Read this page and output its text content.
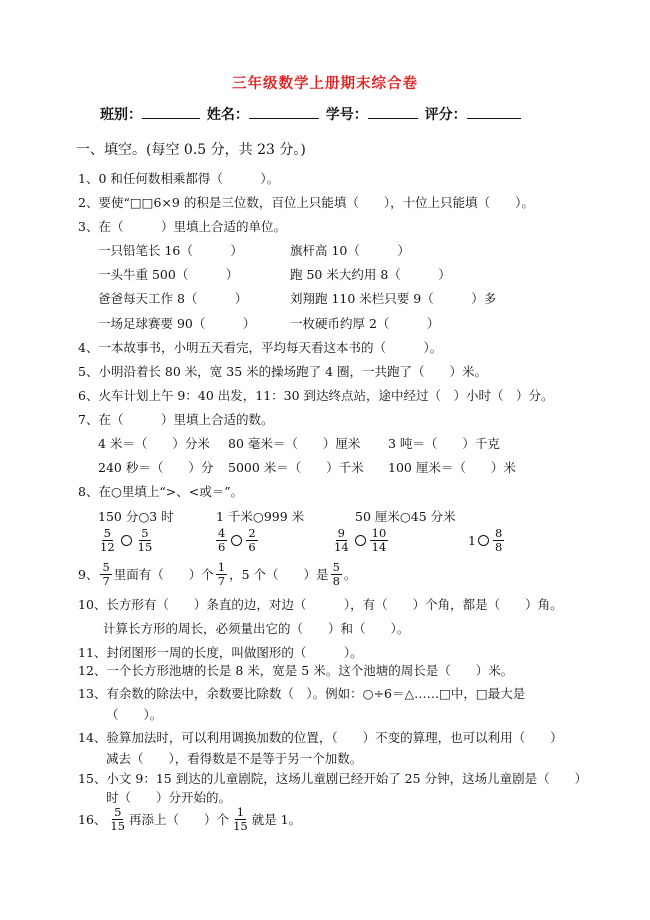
三年级数学上册期末综合卷
班别：	姓名：	学号：	评分：
一、填空。(每空 0.5 分，共 23 分。)
1、0 和任何数相乘都得（　　　）。
2、要使“□□6×9 的积是三位数，百位上只能填（　　），十位上只能填（　　）。
3、在（　　　）里填上合适的单位。
一只铅笔长 16（　　　）	旗杆高 10（　　　）
一头牛重 500（　　　）	跑 50 米大约用 8（　　　）
爸爸每天工作 8（　　　）	刘翔跑 110 米栏只要 9（　　　）多
一场足球赛要 90（　　　）	一枚硬币约厚 2（　　　）
4、一本故事书，小明五天看完，平均每天看这本书的（　　　）。
5、小明沿着长 80 米，宽 35 米的操场跑了 4 圈，一共跑了（　　）米。
6、火车计划上午 9：40 出发，11：30 到达终点站，途中经过（　）小时（　）分。
7、在（　　　）里填上合适的数。
4 米＝（　　）分米 80 毫米＝（　　）厘米 3 吨＝（　　）千克
240 秒＝（　　）分 5000 米＝（　　）千米 100 厘米＝（　　）米
8、在○里填上“>、<或＝”。
150 分○3 时	1 千米○999 米	50 厘米○45 分米
$\frac{5}{12} \frac{5}{15}$	$\frac{4}{6} \frac{2}{6}$	$\frac{9}{14} \frac{10}{14}$	$1 \frac{8}{8}$
9、 $\frac{5}{7}$ 里面有（　　）个 $\frac{1}{7}$ ，5 个（　　）是 $\frac{5}{8}$ 。
10、长方形有（　　）条直的边，对边（　　　），有（　　）个角，都是（　　）角。
计算长方形的周长，必须量出它的（　　）和（　　）。
11、封闭图形一周的长度，叫做图形的（　　　）。
12、一个长方形池塘的长是 8 米，宽是 5 米。这个池塘的周长是（　　）米。
13、有余数的除法中，余数要比除数（　）。例如：○÷6＝△……□中，□最大是
（　　）。
14、验算加法时，可以利用调换加数的位置，（　　）不变的算理，也可以利用（　　）
减去（　　），看得数是不是等于另一个加数。
15、小文 9：15 到达的儿童剧院，这场儿童剧已经开始了 25 分钟，这场儿童剧是（　　）
时（　　）分开始的。
16、 $\frac{5}{15}$ 再添上（　　）个 $\frac{1}{15}$ 就是 1。
